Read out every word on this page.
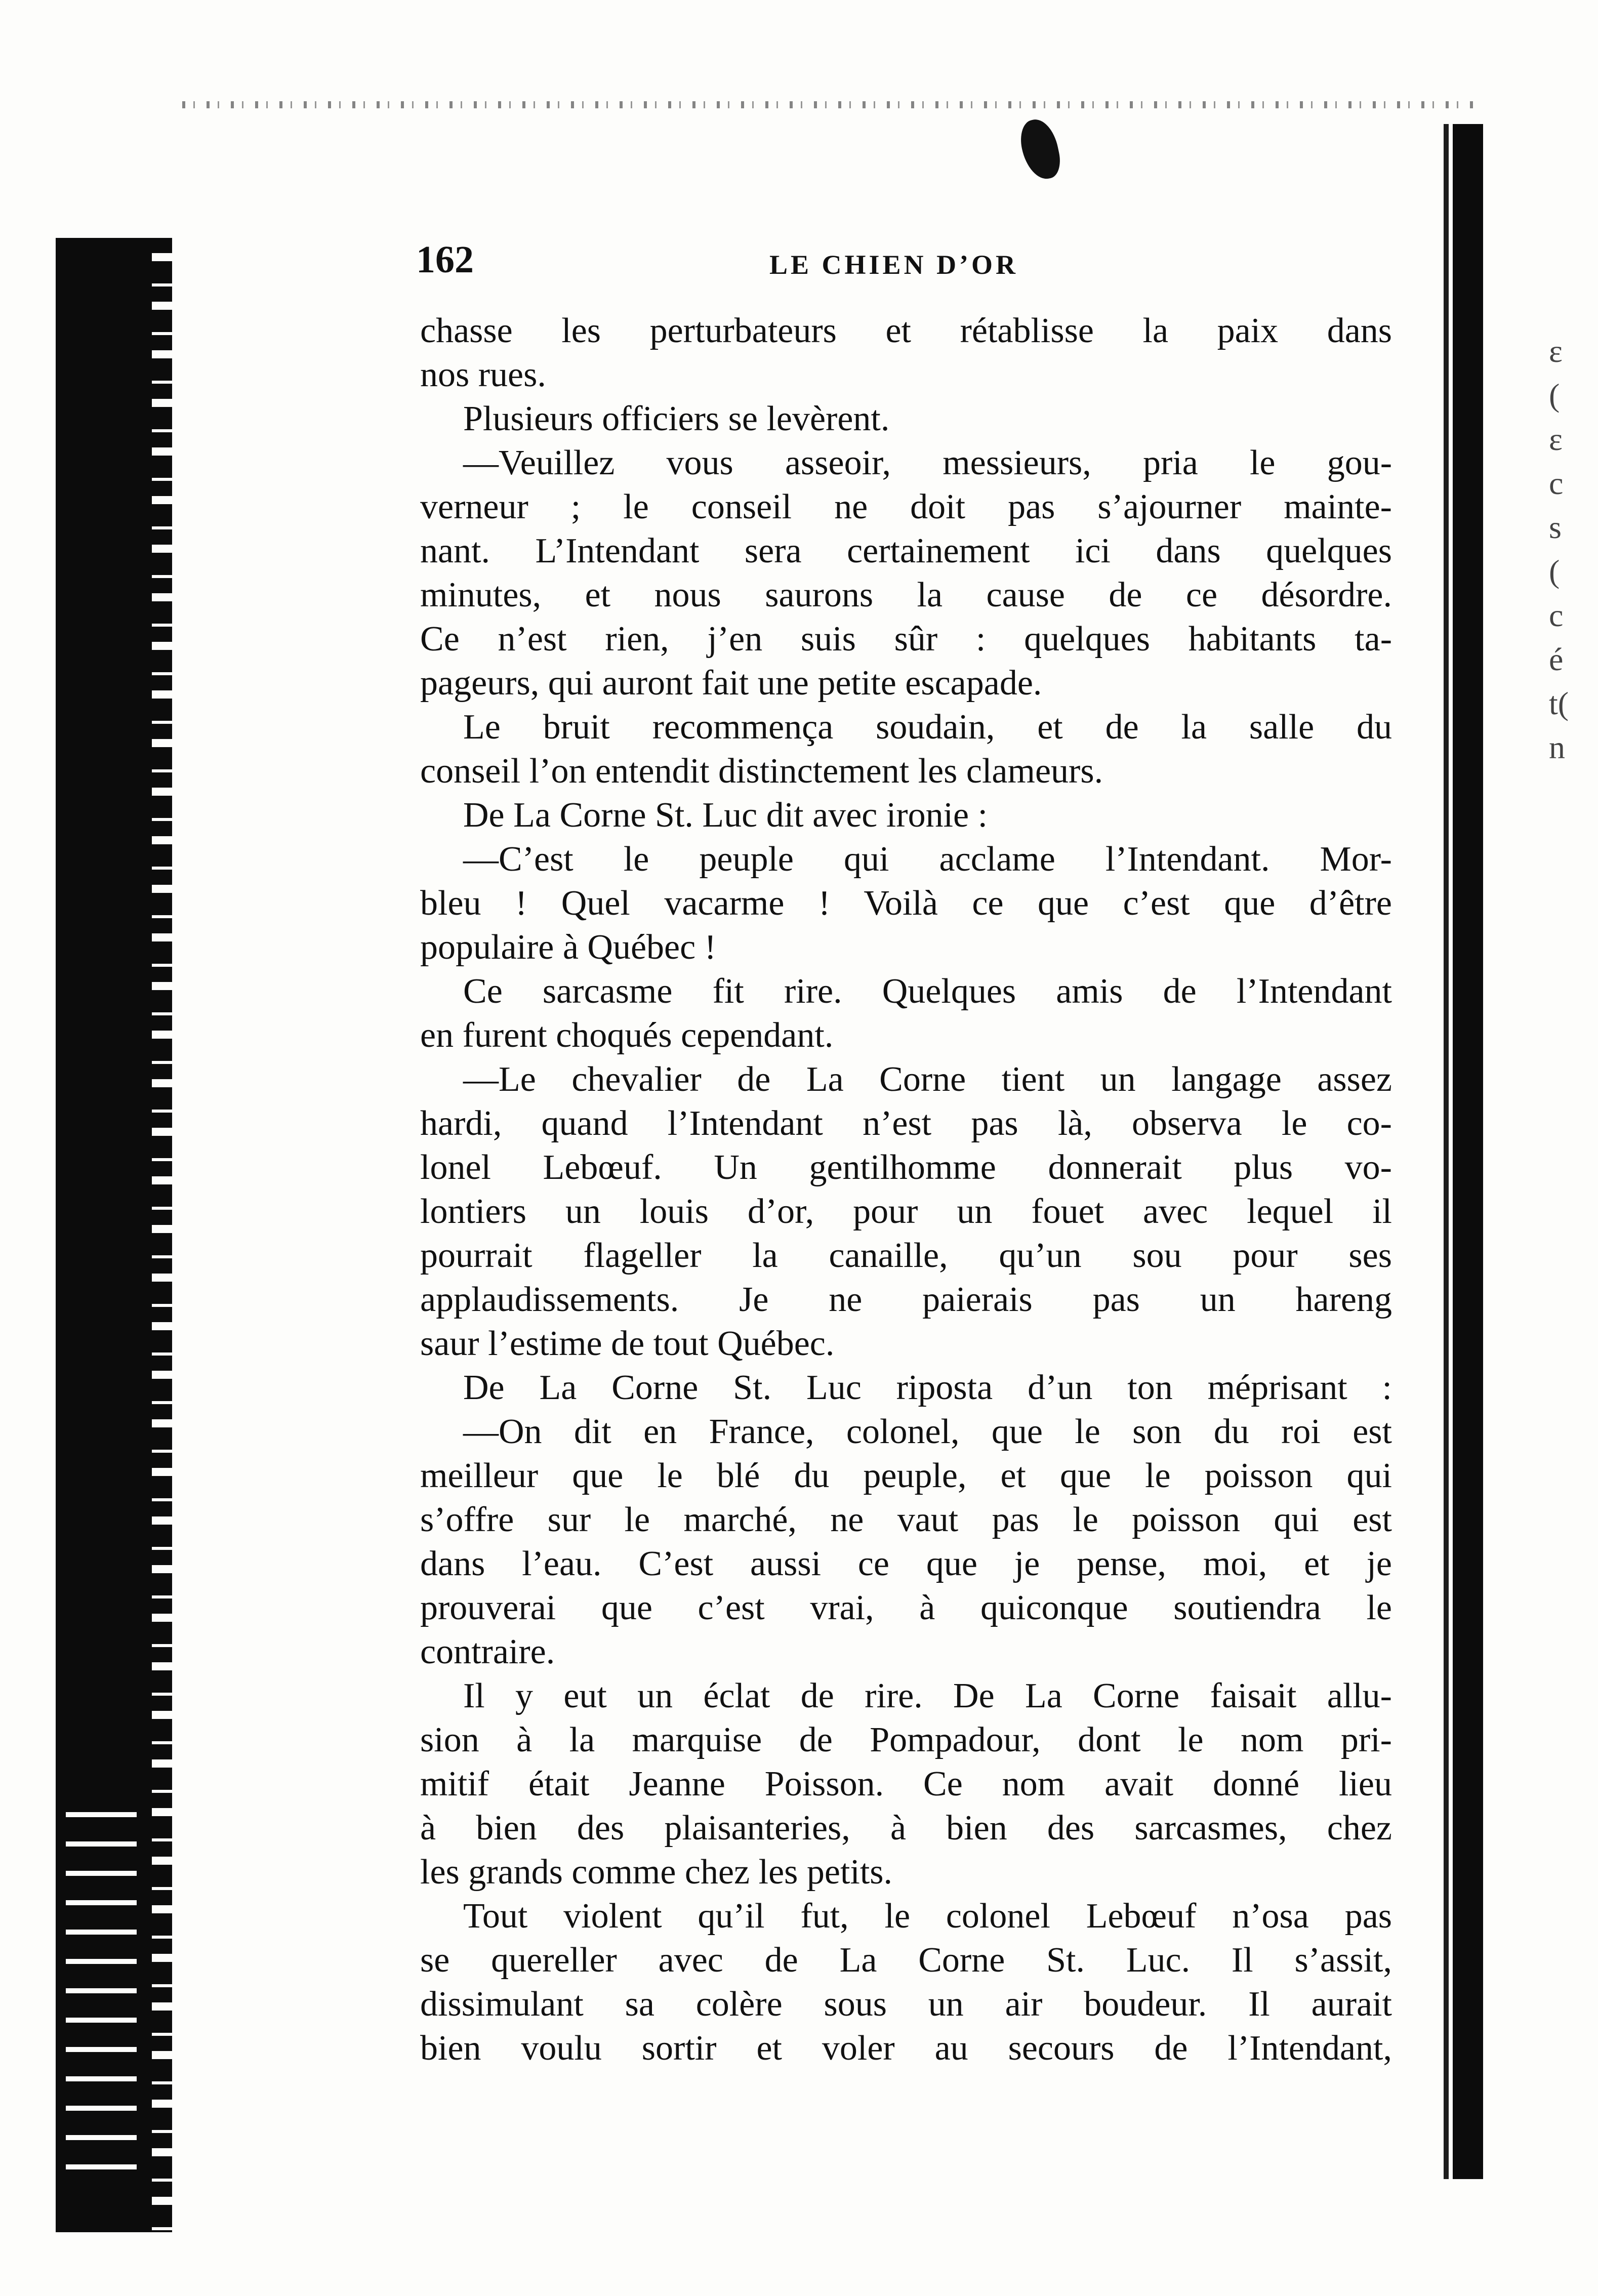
ɛ
(
ɛ
c
s
(
c
é
t(
n
162	LE CHIEN D’OR
chasse les perturbateurs et rétablisse la paix dans
nos rues.
Plusieurs officiers se levèrent.
—Veuillez vous asseoir, messieurs, pria le gou-
verneur ; le conseil ne doit pas s’ajourner mainte-
nant. L’Intendant sera certainement ici dans quelques
minutes, et nous saurons la cause de ce désordre.
Ce n’est rien, j’en suis sûr : quelques habitants ta-
pageurs, qui auront fait une petite escapade.
Le bruit recommença soudain, et de la salle du
conseil l’on entendit distinctement les clameurs.
De La Corne St. Luc dit avec ironie :
—C’est le peuple qui acclame l’Intendant. Mor-
bleu ! Quel vacarme ! Voilà ce que c’est que d’être
populaire à Québec !
Ce sarcasme fit rire. Quelques amis de l’Intendant
en furent choqués cependant.
—Le chevalier de La Corne tient un langage assez
hardi, quand l’Intendant n’est pas là, observa le co-
lonel Lebœuf. Un gentilhomme donnerait plus vo-
lontiers un louis d’or, pour un fouet avec lequel il
pourrait flageller la canaille, qu’un sou pour ses
applaudissements. Je ne paierais pas un hareng
saur l’estime de tout Québec.
De La Corne St. Luc riposta d’un ton méprisant :
—On dit en France, colonel, que le son du roi est
meilleur que le blé du peuple, et que le poisson qui
s’offre sur le marché, ne vaut pas le poisson qui est
dans l’eau. C’est aussi ce que je pense, moi, et je
prouverai que c’est vrai, à quiconque soutiendra le
contraire.
Il y eut un éclat de rire. De La Corne faisait allu-
sion à la marquise de Pompadour, dont le nom pri-
mitif était Jeanne Poisson. Ce nom avait donné lieu
à bien des plaisanteries, à bien des sarcasmes, chez
les grands comme chez les petits.
Tout violent qu’il fut, le colonel Lebœuf n’osa pas
se quereller avec de La Corne St. Luc. Il s’assit,
dissimulant sa colère sous un air boudeur. Il aurait
bien voulu sortir et voler au secours de l’Intendant,
